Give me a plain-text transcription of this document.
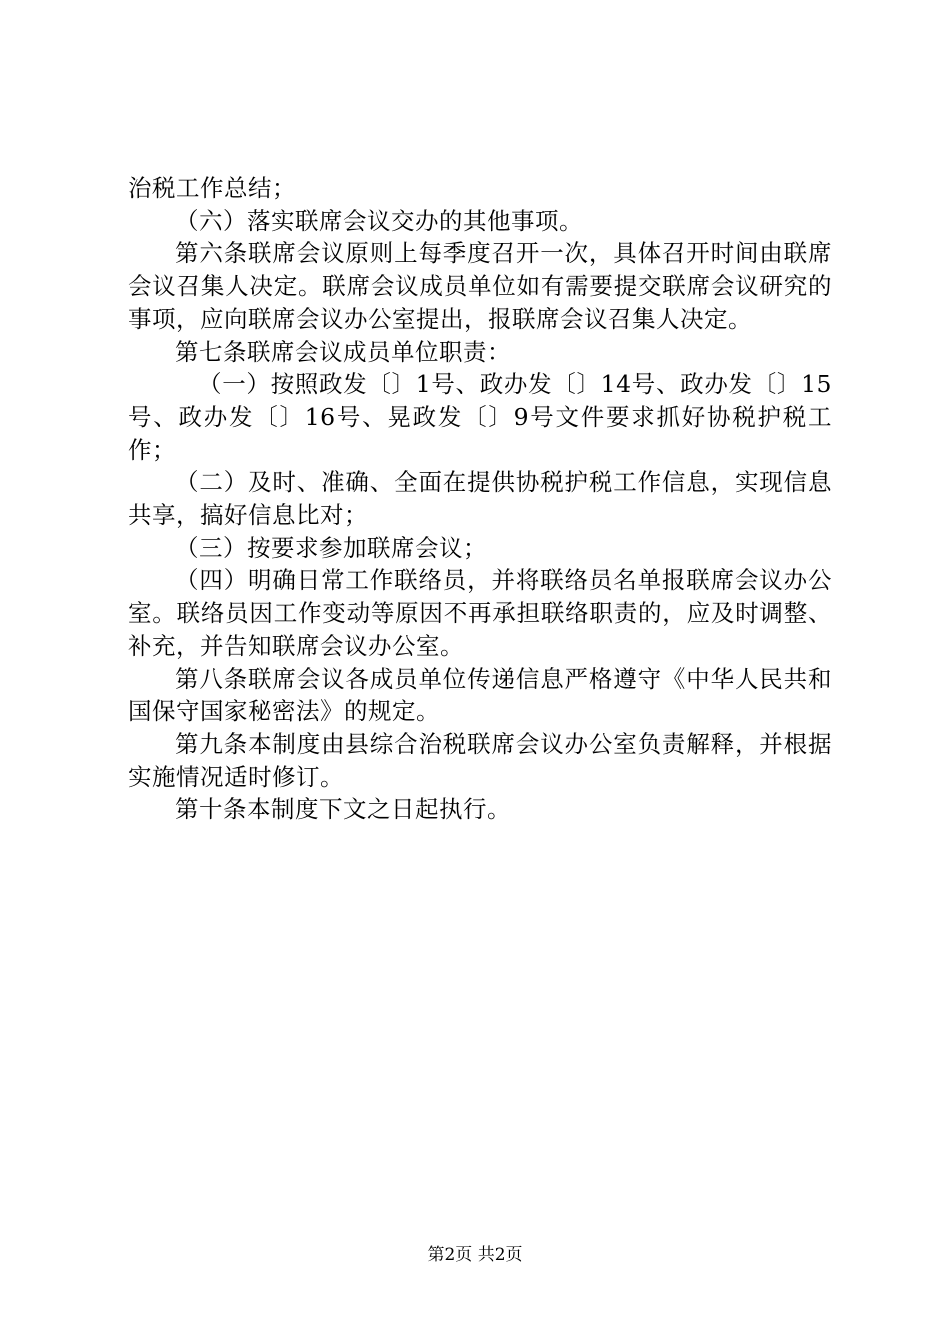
治税工作总结；

（六）落实联席会议交办的其他事项。

第六条联席会议原则上每季度召开一次，具体召开时间由联席会议召集人决定。联席会议成员单位如有需要提交联席会议研究的事项，应向联席会议办公室提出，报联席会议召集人决定。

第七条联席会议成员单位职责：

（一）按照政发〔〕1号、政办发〔〕14号、政办发〔〕15号、政办发〔〕16号、晃政发〔〕9号文件要求抓好协税护税工作；

（二）及时、准确、全面在提供协税护税工作信息，实现信息共享，搞好信息比对；

（三）按要求参加联席会议；

（四）明确日常工作联络员，并将联络员名单报联席会议办公室。联络员因工作变动等原因不再承担联络职责的，应及时调整、补充，并告知联席会议办公室。

第八条联席会议各成员单位传递信息严格遵守《中华人民共和国保守国家秘密法》的规定。

第九条本制度由县综合治税联席会议办公室负责解释，并根据实施情况适时修订。

第十条本制度下文之日起执行。

第2页 共2页
